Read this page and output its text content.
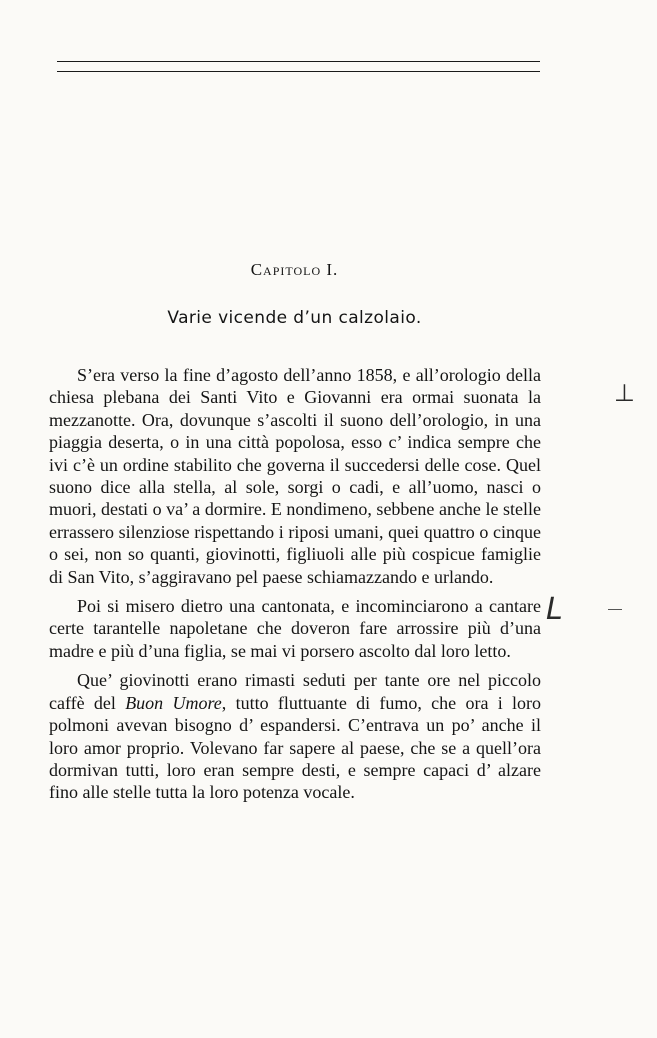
Capitolo I.
Varie vicende d’un calzolaio.

S’era verso la fine d’agosto dell’anno 1858, e all’orologio della chiesa plebana dei Santi Vito e Giovanni era ormai suonata la mezzanotte. Ora, dovunque s’ascolti il suono dell’orologio, in una piaggia deserta, o in una città popolosa, esso c’ indica sempre che ivi c’è un ordine stabilito che governa il succedersi delle cose. Quel suono dice alla stella, al sole, sorgi o cadi, e all’uomo, nasci o muori, destati o va’ a dormire. E nondimeno, sebbene anche le stelle errassero silenziose rispettando i riposi umani, quei quattro o cinque o sei, non so quanti, giovinotti, figliuoli alle più cospicue famiglie di San Vito, s’aggiravano pel paese schiamazzando e urlando.

Poi si misero dietro una cantonata, e incominciarono a cantare certe tarantelle napoletane che doveron fare arrossire più d’una madre e più d’una figlia, se mai vi porsero ascolto dal loro letto.

Que’ giovinotti erano rimasti seduti per tante ore nel piccolo caffè del Buon Umore, tutto fluttuante di fumo, che ora i loro polmoni avevan bisogno d’ espandersi. C’entrava un po’ anche il loro amor proprio. Volevano far sapere al paese, che se a quell’ora dormivan tutti, loro eran sempre desti, e sempre capaci d’ alzare fino alle stelle tutta la loro potenza vocale.

⊥
L
